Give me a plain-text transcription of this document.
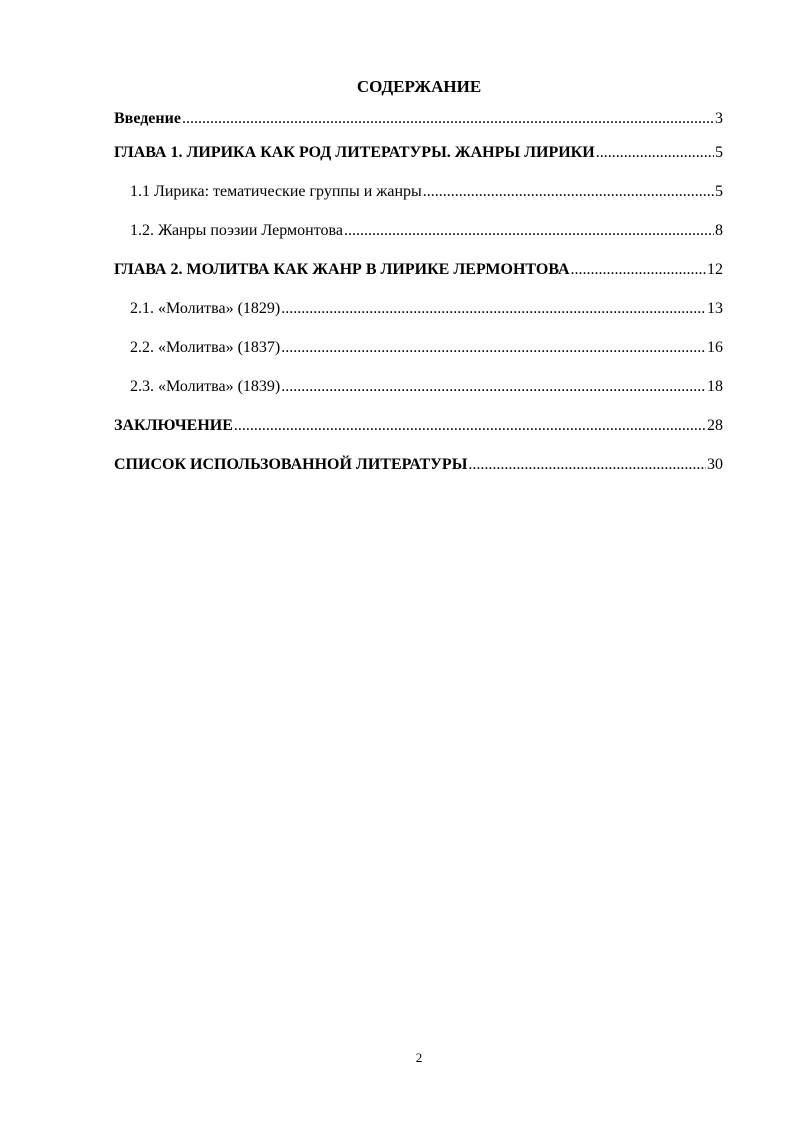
СОДЕРЖАНИЕ
Введение .....	3
ГЛАВА 1. ЛИРИКА КАК РОД ЛИТЕРАТУРЫ. ЖАНРЫ ЛИРИКИ .....	5
1.1 Лирика: тематические группы и жанры .....	5
1.2. Жанры поэзии Лермонтова .....	8
ГЛАВА 2. МОЛИТВА КАК ЖАНР В ЛИРИКЕ ЛЕРМОНТОВА .....	12
2.1. «Молитва» (1829) .....	13
2.2. «Молитва» (1837) .....	16
2.3. «Молитва» (1839) .....	18
ЗАКЛЮЧЕНИЕ .....	28
СПИСОК ИСПОЛЬЗОВАННОЙ ЛИТЕРАТУРЫ .....	30
2
